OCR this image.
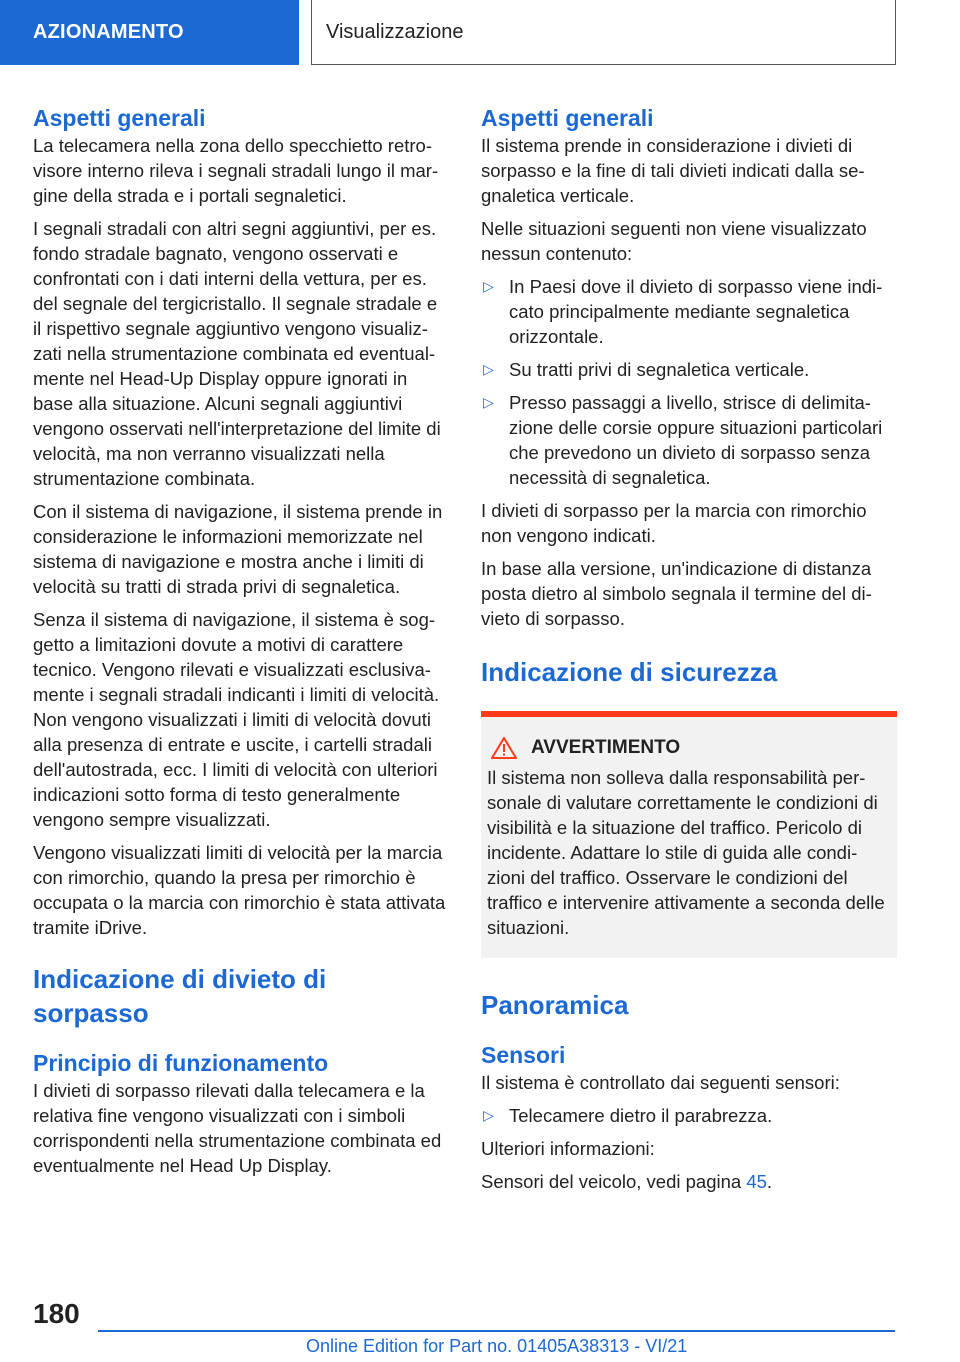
AZIONAMENTO	Visualizzazione
Aspetti generali

La telecamera nella zona dello specchietto retrovisore interno rileva i segnali stradali lungo il margine della strada e i portali segnaletici.

I segnali stradali con altri segni aggiuntivi, per es. fondo stradale bagnato, vengono osservati e confrontati con i dati interni della vettura, per es. del segnale del tergicristallo. Il segnale stradale e il rispettivo segnale aggiuntivo vengono visualizzati nella strumentazione combinata ed eventualmente nel Head-Up Display oppure ignorati in base alla situazione. Alcuni segnali aggiuntivi vengono osservati nell'interpretazione del limite di velocità, ma non verranno visualizzati nella strumentazione combinata.

Con il sistema di navigazione, il sistema prende in considerazione le informazioni memorizzate nel sistema di navigazione e mostra anche i limiti di velocità su tratti di strada privi di segnaletica.

Senza il sistema di navigazione, il sistema è soggetto a limitazioni dovute a motivi di carattere tecnico. Vengono rilevati e visualizzati esclusivamente i segnali stradali indicanti i limiti di velocità. Non vengono visualizzati i limiti di velocità dovuti alla presenza di entrate e uscite, i cartelli stradali dell'autostrada, ecc. I limiti di velocità con ulteriori indicazioni sotto forma di testo generalmente vengono sempre visualizzati.

Vengono visualizzati limiti di velocità per la marcia con rimorchio, quando la presa per rimorchio è occupata o la marcia con rimorchio è stata attivata tramite iDrive.

Indicazione di divieto di sorpasso
Principio di funzionamento

I divieti di sorpasso rilevati dalla telecamera e la relativa fine vengono visualizzati con i simboli corrispondenti nella strumentazione combinata ed eventualmente nel Head Up Display.

Aspetti generali

Il sistema prende in considerazione i divieti di sorpasso e la fine di tali divieti indicati dalla segnaletica verticale.

Nelle situazioni seguenti non viene visualizzato nessun contenuto:

▷ In Paesi dove il divieto di sorpasso viene indicato principalmente mediante segnaletica orizzontale.
▷ Su tratti privi di segnaletica verticale.
▷ Presso passaggi a livello, strisce di delimitazione delle corsie oppure situazioni particolari che prevedono un divieto di sorpasso senza necessità di segnaletica.

I divieti di sorpasso per la marcia con rimorchio non vengono indicati.

In base alla versione, un'indicazione di distanza posta dietro al simbolo segnala il termine del divieto di sorpasso.

Indicazione di sicurezza
AVVERTIMENTO

Il sistema non solleva dalla responsabilità personale di valutare correttamente le condizioni di visibilità e la situazione del traffico. Pericolo di incidente. Adattare lo stile di guida alle condizioni del traffico. Osservare le condizioni del traffico e intervenire attivamente a seconda delle situazioni.

Panoramica
Sensori

Il sistema è controllato dai seguenti sensori:

▷ Telecamere dietro il parabrezza.

Ulteriori informazioni:

Sensori del veicolo, vedi pagina 45.

180
Online Edition for Part no. 01405A38313 - VI/21
